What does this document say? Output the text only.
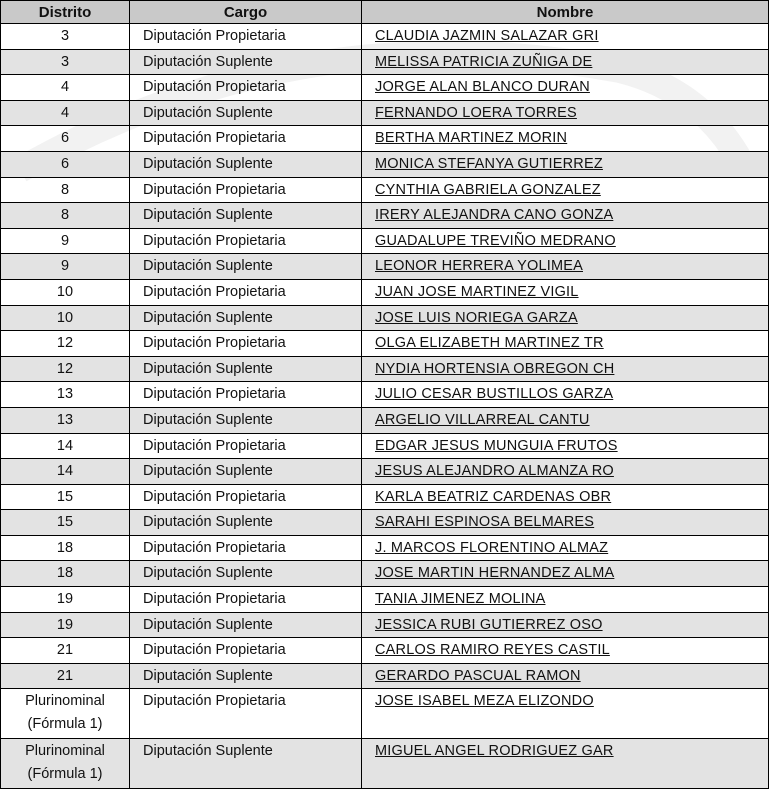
Distrito	Cargo	Nombre

3	Diputación Propietaria	CLAUDIA JAZMIN SALAZAR GRI

3	Diputación Suplente	MELISSA PATRICIA ZUÑIGA DE

4	Diputación Propietaria	JORGE ALAN BLANCO DURAN

4	Diputación Suplente	FERNANDO LOERA TORRES

6	Diputación Propietaria	BERTHA MARTINEZ MORIN

6	Diputación Suplente	MONICA STEFANYA GUTIERREZ

8	Diputación Propietaria	CYNTHIA GABRIELA GONZALEZ

8	Diputación Suplente	IRERY ALEJANDRA CANO GONZA

9	Diputación Propietaria	GUADALUPE TREVIÑO MEDRANO

9	Diputación Suplente	LEONOR HERRERA YOLIMEA

10	Diputación Propietaria	JUAN JOSE MARTINEZ VIGIL

10	Diputación Suplente	JOSE LUIS NORIEGA GARZA

12	Diputación Propietaria	OLGA ELIZABETH MARTINEZ TR

12	Diputación Suplente	NYDIA HORTENSIA OBREGON CH

13	Diputación Propietaria	JULIO CESAR BUSTILLOS GARZA

13	Diputación Suplente	ARGELIO VILLARREAL CANTU

14	Diputación Propietaria	EDGAR JESUS MUNGUIA FRUTOS

14	Diputación Suplente	JESUS ALEJANDRO ALMANZA RO

15	Diputación Propietaria	KARLA BEATRIZ CARDENAS OBR

15	Diputación Suplente	SARAHI ESPINOSA BELMARES

18	Diputación Propietaria	J. MARCOS FLORENTINO ALMAZ

18	Diputación Suplente	JOSE MARTIN HERNANDEZ ALMA

19	Diputación Propietaria	TANIA JIMENEZ MOLINA

19	Diputación Suplente	JESSICA RUBI GUTIERREZ OSO

21	Diputación Propietaria	CARLOS RAMIRO REYES CASTIL

21	Diputación Suplente	GERARDO PASCUAL RAMON

Plurinominal
(Fórmula 1)	Diputación Propietaria	JOSE ISABEL MEZA ELIZONDO

Plurinominal
(Fórmula 1)	Diputación Suplente	MIGUEL ANGEL RODRIGUEZ GAR
